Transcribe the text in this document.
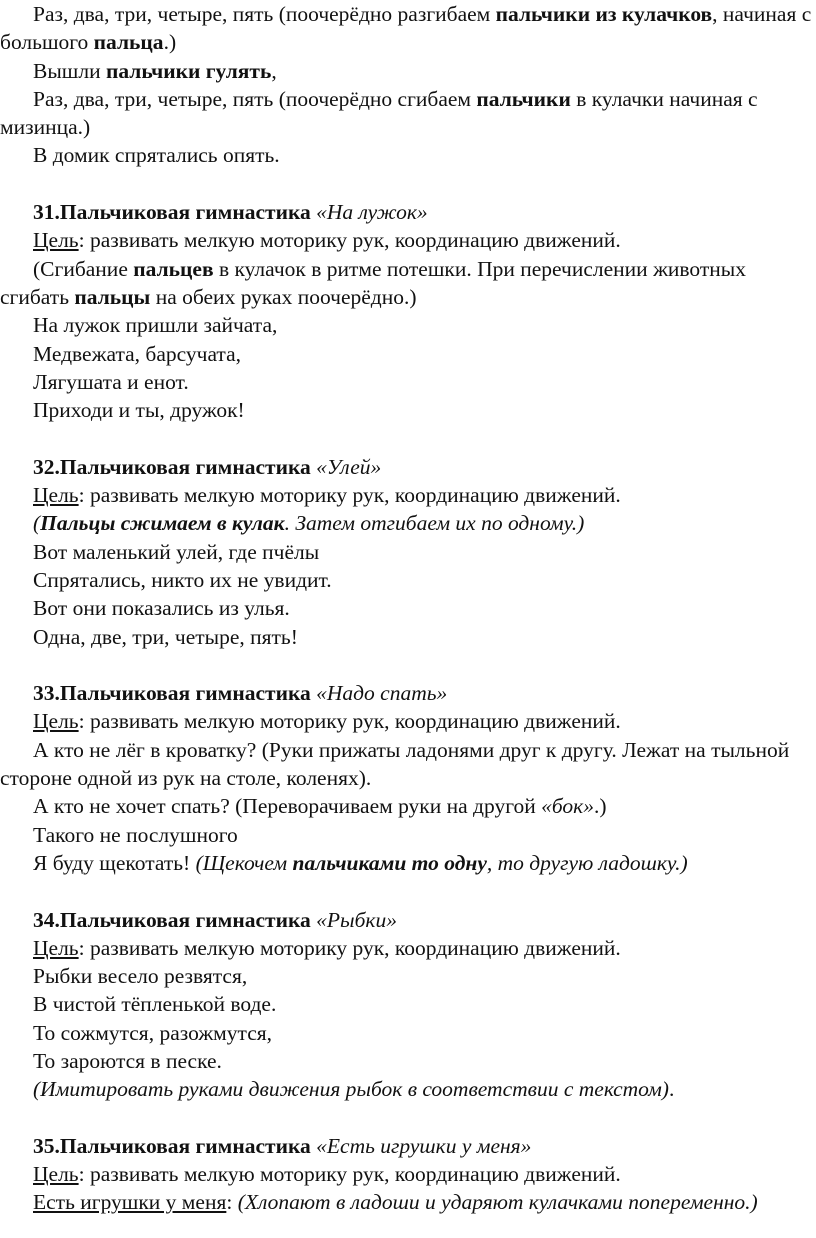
Раз, два, три, четыре, пять (поочерёдно разгибаем пальчики из кулачков, начиная с большого пальца.)

Вышли пальчики гулять,

Раз, два, три, четыре, пять (поочерёдно сгибаем пальчики в кулачки начиная с мизинца.)

В домик спрятались опять.

31.Пальчиковая гимнастика «На лужок»

Цель: развивать мелкую моторику рук, координацию движений.

(Сгибание пальцев в кулачок в ритме потешки. При перечислении животных сгибать пальцы на обеих руках поочерёдно.)

На лужок пришли зайчата,

Медвежата, барсучата,

Лягушата и енот.

Приходи и ты, дружок!

32.Пальчиковая гимнастика «Улей»

Цель: развивать мелкую моторику рук, координацию движений.

(Пальцы сжимаем в кулак. Затем отгибаем их по одному.)

Вот маленький улей, где пчёлы

Спрятались, никто их не увидит.

Вот они показались из улья.

Одна, две, три, четыре, пять!

33.Пальчиковая гимнастика «Надо спать»

Цель: развивать мелкую моторику рук, координацию движений.

А кто не лёг в кроватку? (Руки прижаты ладонями друг к другу. Лежат на тыльной стороне одной из рук на столе, коленях).

А кто не хочет спать? (Переворачиваем руки на другой «бок».)

Такого не послушного

Я буду щекотать! (Щекочем пальчиками то одну, то другую ладошку.)

34.Пальчиковая гимнастика «Рыбки»

Цель: развивать мелкую моторику рук, координацию движений.

Рыбки весело резвятся,

В чистой тёпленькой воде.

То сожмутся, разожмутся,

То зароются в песке.

(Имитировать руками движения рыбок в соответствии с текстом).

35.Пальчиковая гимнастика «Есть игрушки у меня»

Цель: развивать мелкую моторику рук, координацию движений.

Есть игрушки у меня: (Хлопают в ладоши и ударяют кулачками попеременно.)
